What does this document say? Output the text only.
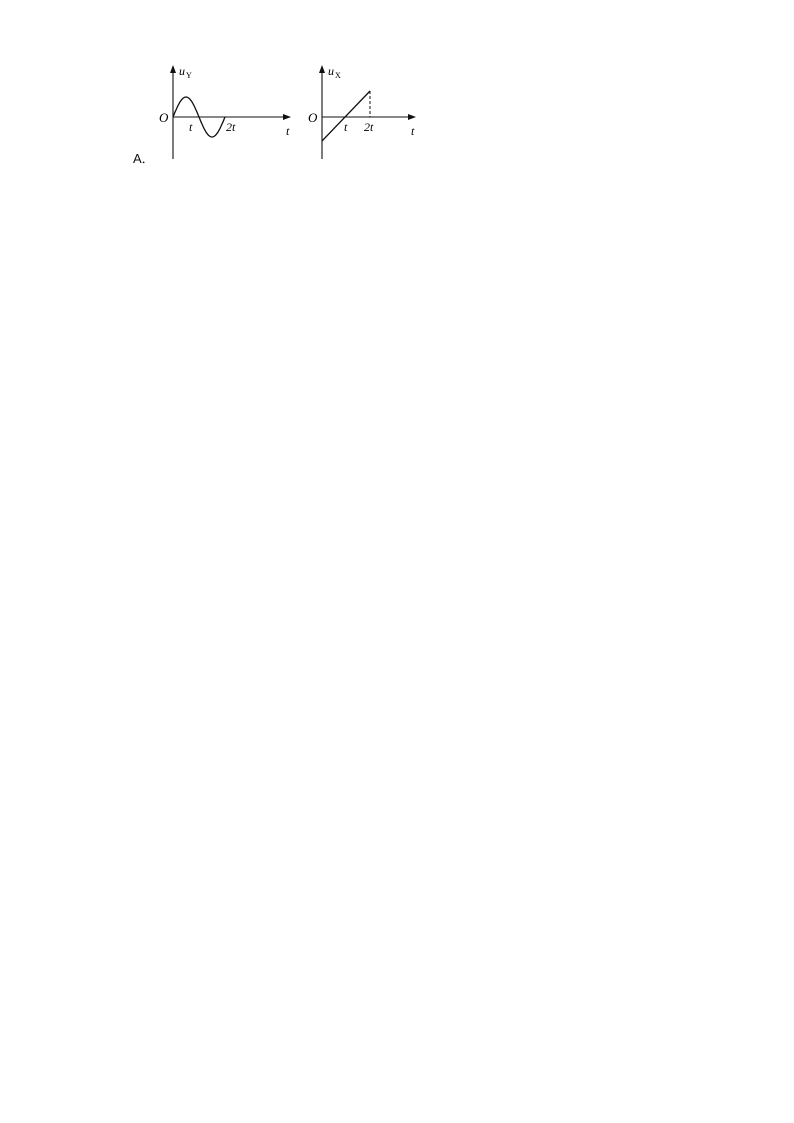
O
u Y
t	2t	t
O
u X
t 2t	t
A．
